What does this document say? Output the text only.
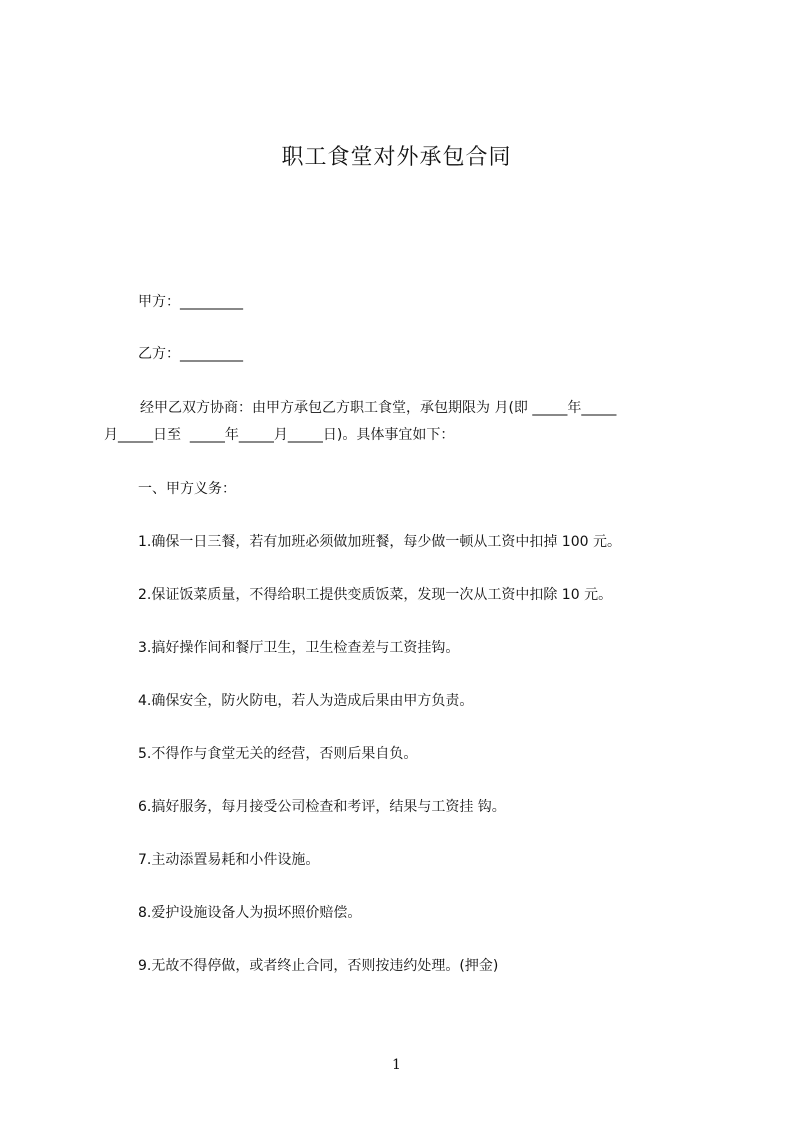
职工食堂对外承包合同
甲方：_________
乙方：_________
经甲乙双方协商：由甲方承包乙方职工食堂，承包期限为 月(即 _____年_____
月_____日至  _____年_____月_____日)。具体事宜如下：
一、甲方义务：
1.确保一日三餐，若有加班必须做加班餐，每少做一顿从工资中扣掉 100 元。
2.保证饭菜质量，不得给职工提供变质饭菜，发现一次从工资中扣除 10 元。
3.搞好操作间和餐厅卫生，卫生检查差与工资挂钩。
4.确保安全，防火防电，若人为造成后果由甲方负责。
5.不得作与食堂无关的经营，否则后果自负。
6.搞好服务，每月接受公司检查和考评，结果与工资挂 钩。
7.主动添置易耗和小件设施。
8.爱护设施设备人为损坏照价赔偿。
9.无故不得停做，或者终止合同，否则按违约处理。(押金)
1
